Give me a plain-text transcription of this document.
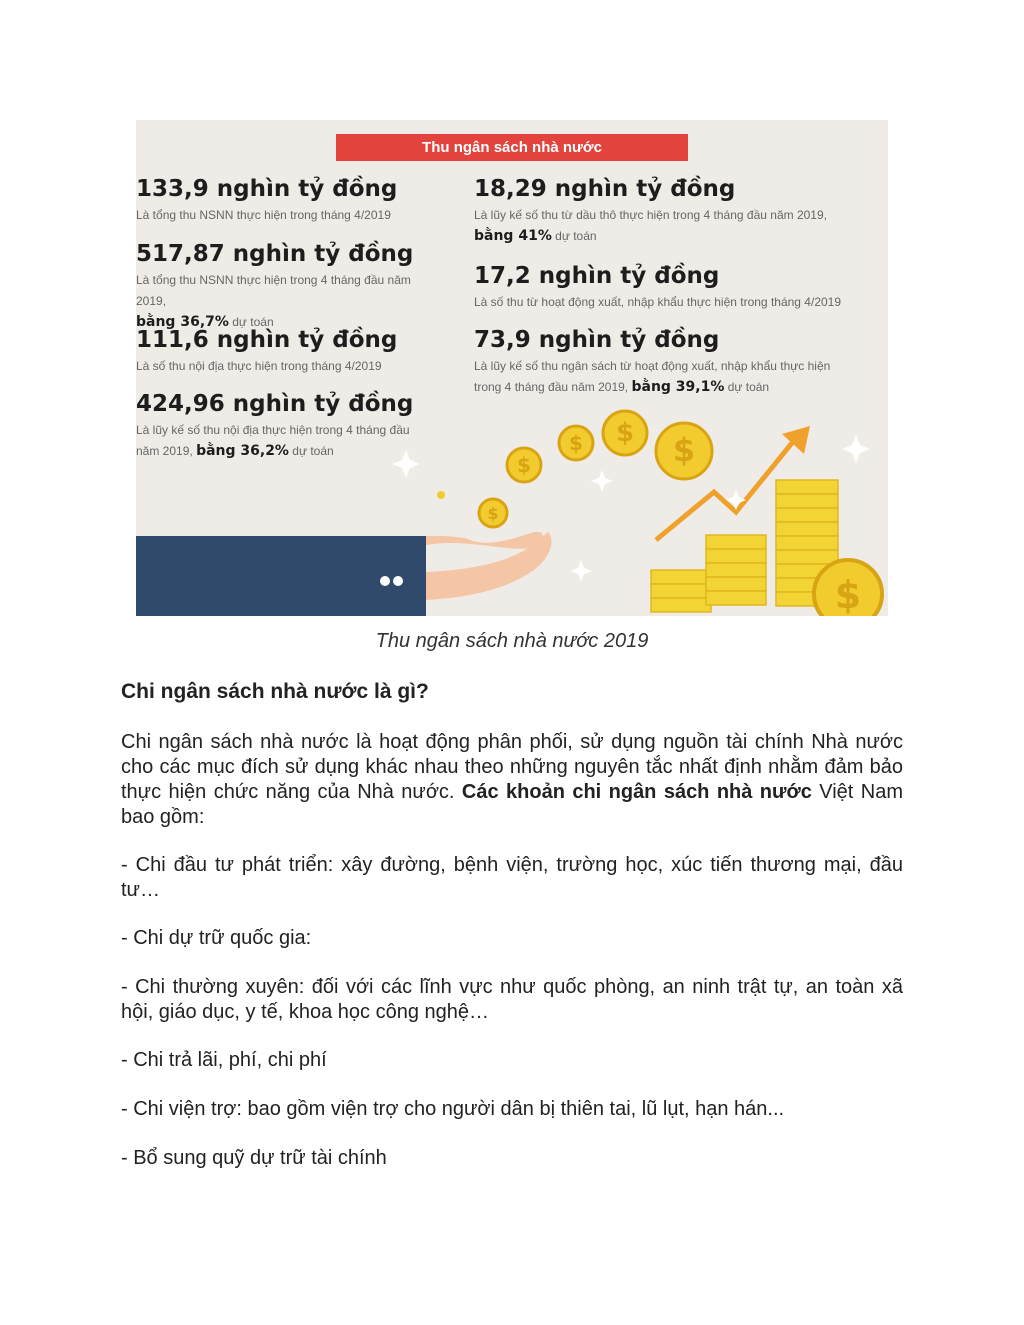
$
$
$ $ $
$
Thu ngân sách nhà nước
133,9 nghìn tỷ đồng
Là tổng thu NSNN thực hiện trong tháng 4/2019
517,87 nghìn tỷ đồng
Là tổng thu NSNN thực hiện trong 4 tháng đầu năm 2019,
bằng 36,7% dự toán
111,6 nghìn tỷ đồng
Là số thu nội địa thực hiện trong tháng 4/2019
424,96 nghìn tỷ đồng
Là lũy kế số thu nội địa thực hiện trong 4 tháng đầu năm 2019, bằng 36,2% dự toán
18,29 nghìn tỷ đồng
Là lũy kế số thu từ dầu thô thực hiện trong 4 tháng đầu năm 2019,
bằng 41% dự toán
17,2 nghìn tỷ đồng
Là số thu từ hoạt động xuất, nhập khẩu thực hiện trong tháng 4/2019
73,9 nghìn tỷ đồng
Là lũy kế số thu ngân sách từ hoạt động xuất, nhập khẩu thực hiện trong 4 tháng đầu năm 2019, bằng 39,1% dự toán
Thu ngân sách nhà nước 2019
Chi ngân sách nhà nước là gì?
Chi ngân sách nhà nước là hoạt động phân phối, sử dụng nguồn tài chính Nhà nước cho các mục đích sử dụng khác nhau theo những nguyên tắc nhất định nhằm đảm bảo thực hiện chức năng của Nhà nước. Các khoản chi ngân sách nhà nước Việt Nam bao gồm:
- Chi đầu tư phát triển: xây đường, bệnh viện, trường học, xúc tiến thương mại, đầu tư…
- Chi dự trữ quốc gia:
- Chi thường xuyên: đối với các lĩnh vực như quốc phòng, an ninh trật tự, an toàn xã hội, giáo dục, y tế, khoa học công nghệ…
- Chi trả lãi, phí, chi phí
- Chi viện trợ: bao gồm viện trợ cho người dân bị thiên tai, lũ lụt, hạn hán...
- Bổ sung quỹ dự trữ tài chính
